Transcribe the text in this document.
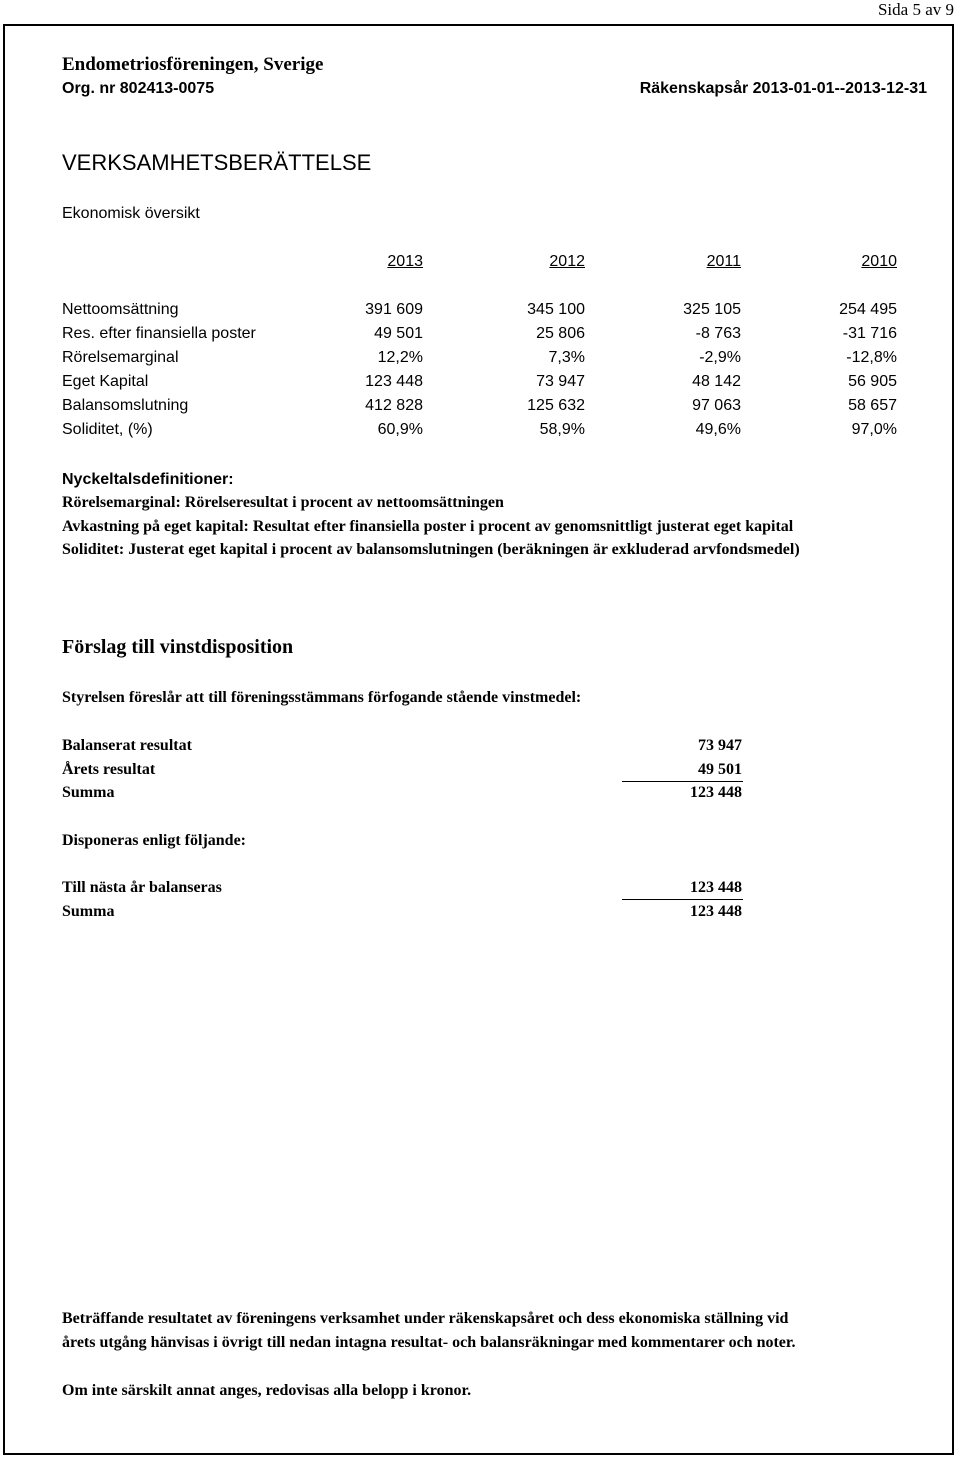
Sida 5 av 9
Endometriosföreningen, Sverige
Org. nr 802413-0075	Räkenskapsår 2013-01-01--2013-12-31
VERKSAMHETSBERÄTTELSE
Ekonomisk översikt
2013	2012	2011	2010
Nettoomsättning	391 609	345 100	325 105	254 495
Res. efter finansiella poster	49 501	25 806	-8 763	-31 716
Rörelsemarginal	12,2%	7,3%	-2,9%	-12,8%
Eget Kapital	123 448	73 947	48 142	56 905
Balansomslutning	412 828	125 632	97 063	58 657
Soliditet, (%)	60,9%	58,9%	49,6%	97,0%
Nyckeltalsdefinitioner:
Rörelsemarginal: Rörelseresultat i procent av nettoomsättningen
Avkastning på eget kapital: Resultat efter finansiella poster i procent av genomsnittligt justerat eget kapital
Soliditet: Justerat eget kapital i procent av balansomslutningen (beräkningen är exkluderad arvfondsmedel)
Förslag till vinstdisposition
Styrelsen föreslår att till föreningsstämmans förfogande stående vinstmedel:
Balanserat resultat	73 947
Årets resultat	49 501
Summa	123 448
Disponeras enligt följande:
Till nästa år balanseras	123 448
Summa	123 448
Beträffande resultatet av föreningens verksamhet under räkenskapsåret och dess ekonomiska ställning vid
årets utgång hänvisas i övrigt till nedan intagna resultat- och balansräkningar med kommentarer och noter.
Om inte särskilt annat anges, redovisas alla belopp i kronor.
